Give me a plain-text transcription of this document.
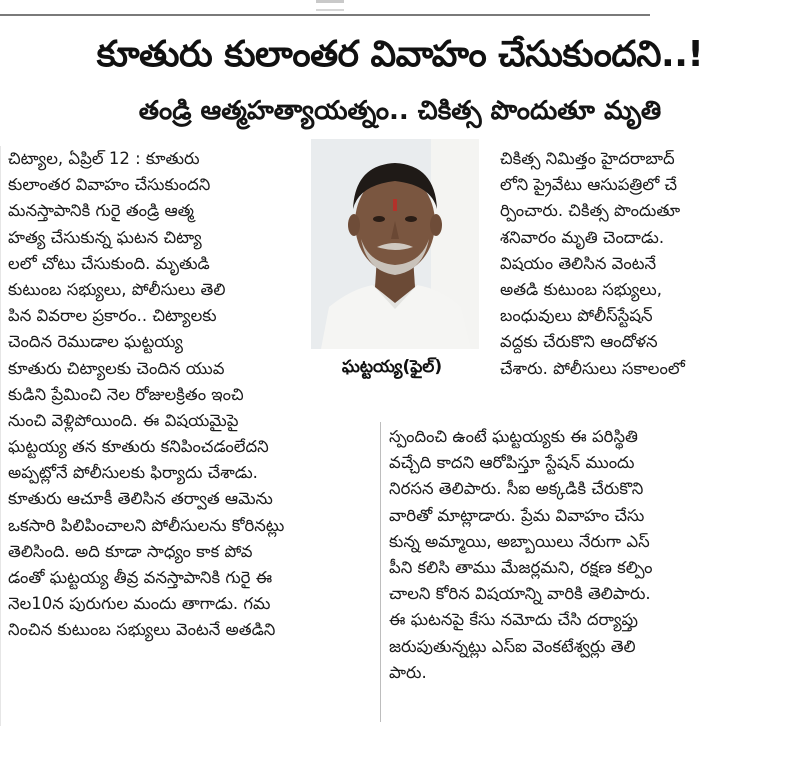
కూతురు కులాంతర వివాహం చేసుకుందని..!
తండ్రి ఆత్మహత్యాయత్నం.. చికిత్స పొందుతూ మృతి
ఘట్టయ్య(ఫైల్)
చిట్యాల, ఏప్రిల్ 12 : కూతురు
కులాంతర వివాహం చేసుకుందని
మనస్తాపానికి గురై తండ్రి ఆత్మ
హత్య చేసుకున్న ఘటన చిట్యా
లలో చోటు చేసుకుంది. మృతుడి
కుటుంబ సభ్యులు, పోలీసులు తెలి
పిన వివరాల ప్రకారం.. చిట్యాలకు
చెందిన రెముడాల ఘట్టయ్య
కూతురు చిట్యాలకు చెందిన యువ
కుడిని ప్రేమించి నెల రోజులక్రితం ఇంచి
నుంచి వెళ్లిపోయింది. ఈ విషయమైపై
ఘట్టయ్య తన కూతురు కనిపించడంలేదని
అప్పట్లోనే పోలీసులకు ఫిర్యాదు చేశాడు.
కూతురు ఆచూకీ తెలిసిన తర్వాత ఆమెను
ఒకసారి పిలిపించాలని పోలీసులను కోరినట్లు
తెలిసింది. అది కూడా సాధ్యం కాక పోవ
డంతో ఘట్టయ్య తీవ్ర వనస్తాపానికి గురై ఈ
నెల10న పురుగుల మందు తాగాడు. గమ
నించిన కుటుంబ సభ్యులు వెంటనే అతడిని
చికిత్స నిమిత్తం హైదరాబాద్
లోని ప్రైవేటు ఆసుపత్రిలో చే
ర్పించారు. చికిత్స పొందుతూ
శనివారం మృతి చెందాడు.
విషయం తెలిసిన వెంటనే
అతడి కుటుంబ సభ్యులు,
బంధువులు పోలీస్‌స్టేషన్
వద్దకు చేరుకొని ఆందోళన
చేశారు. పోలీసులు సకాలంలో
స్పందించి ఉంటే ఘట్టయ్యకు ఈ పరిస్థితి
వచ్చేది కాదని ఆరోపిస్తూ స్టేషన్ ముందు
నిరసన తెలిపారు. సీఐ అక్కడికి చేరుకొని
వారితో మాట్లాడారు. ప్రేమ వివాహం చేసు
కున్న అమ్మాయి, అబ్బాయిలు నేరుగా ఎస్
పీని కలిసి తాము మేజర్లమని, రక్షణ కల్పిం
చాలని కోరిన విషయాన్ని వారికి తెలిపారు.
ఈ ఘటనపై కేసు నమోదు చేసి దర్యాప్తు
జరుపుతున్నట్లు ఎస్ఐ వెంకటేశ్వర్లు తెలి
పారు.
